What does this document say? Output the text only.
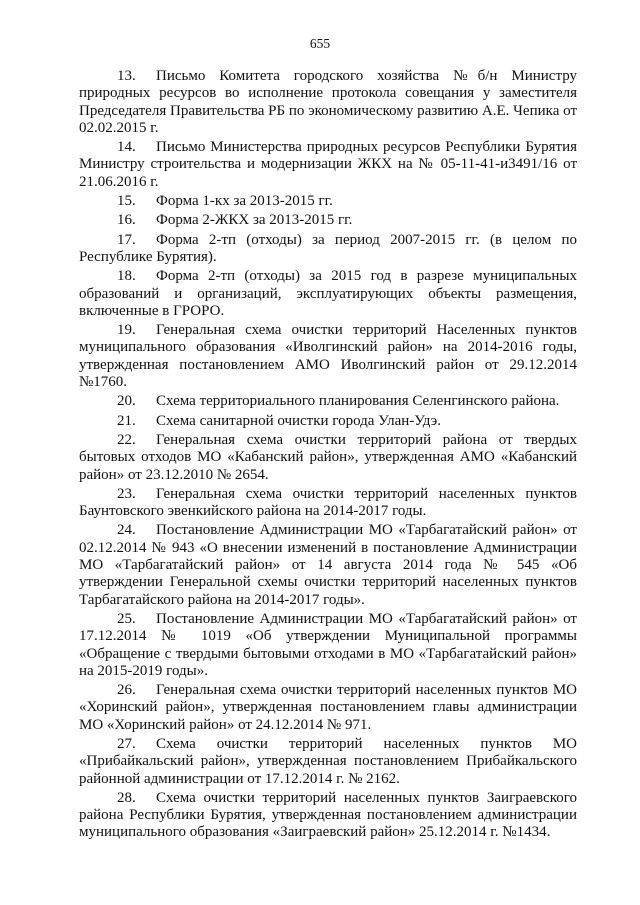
655

13. Письмо Комитета городского хозяйства №б/н Министру природных ресурсов во исполнение протокола совещания у заместителя Председателя Правительства РБ по экономическому развитию А.Е. Чепика от 02.02.2015 г.

14. Письмо Министерства природных ресурсов Республики Бурятия Министру строительства и модернизации ЖКХ на № 05-11-41-и3491/16 от 21.06.2016 г.

15. Форма 1-кх за 2013-2015 гг.

16. Форма 2-ЖКХ за 2013-2015 гг.

17. Форма 2-тп (отходы) за период 2007-2015 гг. (в целом по Республике Бурятия).

18. Форма 2-тп (отходы) за 2015 год в разрезе муниципальных образований и организаций, эксплуатирующих объекты размещения, включенные в ГРОРО.

19. Генеральная схема очистки территорий Населенных пунктов муниципального образования «Иволгинский район» на 2014-2016 годы, утвержденная постановлением АМО Иволгинский район от 29.12.2014 №1760.

20. Схема территориального планирования Селенгинского района.

21. Схема санитарной очистки города Улан-Удэ.

22. Генеральная схема очистки территорий района от твердых бытовых отходов МО «Кабанский район», утвержденная АМО «Кабанский район» от 23.12.2010 № 2654.

23. Генеральная схема очистки территорий населенных пунктов Баунтовского эвенкийского района на 2014-2017 годы.

24. Постановление Администрации МО «Тарбагатайский район» от 02.12.2014 № 943 «О внесении изменений в постановление Администрации МО «Тарбагатайский район» от 14 августа 2014 года № 545 «Об утверждении Генеральной схемы очистки территорий населенных пунктов Тарбагатайского района на 2014-2017 годы».

25. Постановление Администрации МО «Тарбагатайский район» от 17.12.2014 № 1019 «Об утверждении Муниципальной программы «Обращение с твердыми бытовыми отходами в МО «Тарбагатайский район» на 2015-2019 годы».

26. Генеральная схема очистки территорий населенных пунктов МО «Хоринский район», утвержденная постановлением главы администрации МО «Хоринский район» от 24.12.2014 № 971.

27. Схема очистки территорий населенных пунктов МО «Прибайкальский район», утвержденная постановлением Прибайкальского районной администрации от 17.12.2014 г. № 2162.

28. Схема очистки территорий населенных пунктов Заиграевского района Республики Бурятия, утвержденная постановлением администрации муниципального образования «Заиграевский район» 25.12.2014 г. №1434.
